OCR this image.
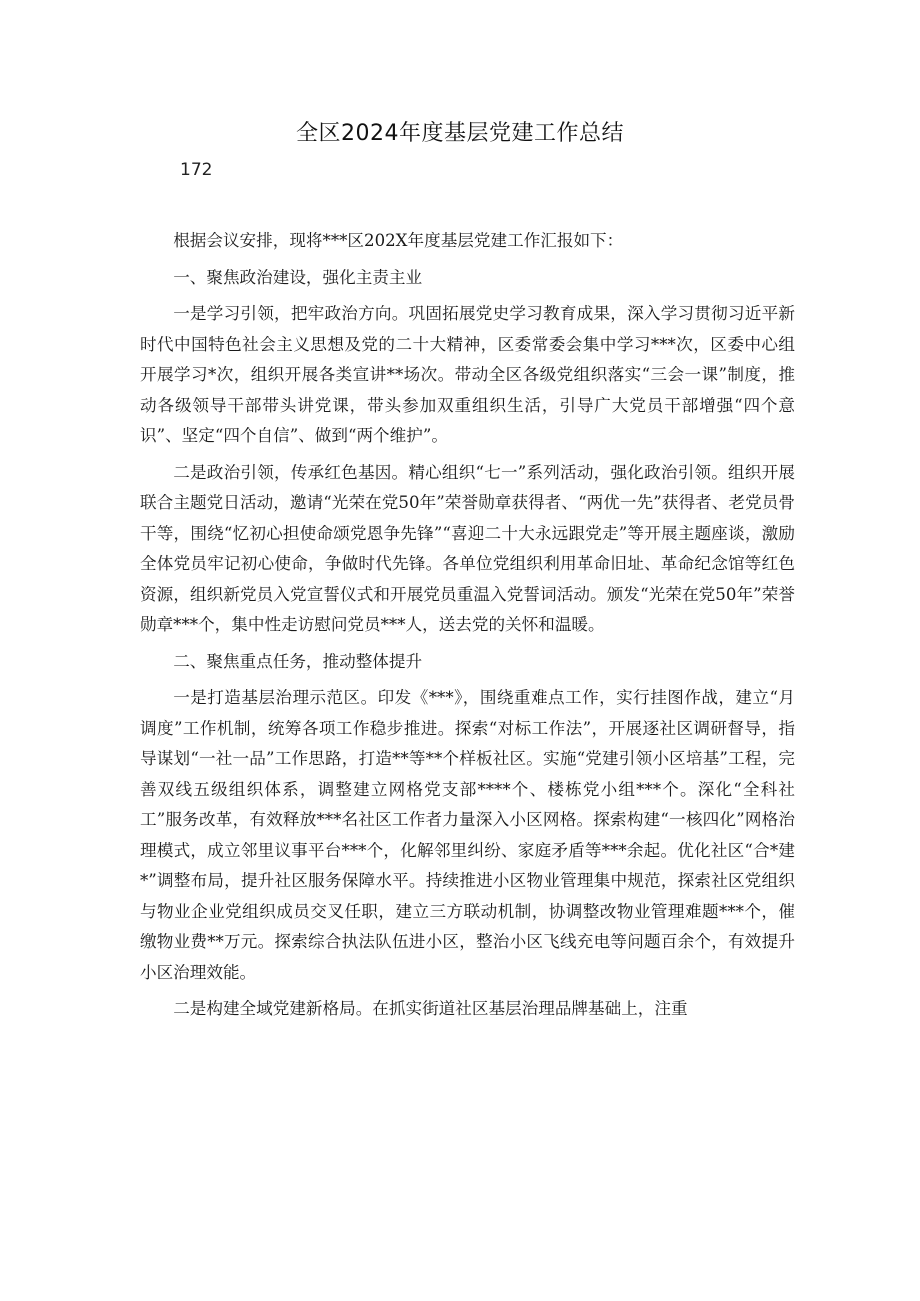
全区2024年度基层党建工作总结
172

根据会议安排，现将***区202X年度基层党建工作汇报如下：

一、聚焦政治建设，强化主责主业

一是学习引领，把牢政治方向。巩固拓展党史学习教育成果，深入学习贯彻习近平新时代中国特色社会主义思想及党的二十大精神，区委常委会集中学习***次，区委中心组开展学习*次，组织开展各类宣讲**场次。带动全区各级党组织落实“三会一课”制度，推动各级领导干部带头讲党课，带头参加双重组织生活，引导广大党员干部增强“四个意识”、坚定“四个自信”、做到“两个维护”。

二是政治引领，传承红色基因。精心组织“七一”系列活动，强化政治引领。组织开展联合主题党日活动，邀请“光荣在党50年”荣誉勋章获得者、“两优一先”获得者、老党员骨干等，围绕“忆初心担使命颂党恩争先锋”“喜迎二十大永远跟党走”等开展主题座谈，激励全体党员牢记初心使命，争做时代先锋。各单位党组织利用革命旧址、革命纪念馆等红色资源，组织新党员入党宣誓仪式和开展党员重温入党誓词活动。颁发“光荣在党50年”荣誉勋章***个，集中性走访慰问党员***人，送去党的关怀和温暖。

二、聚焦重点任务，推动整体提升

一是打造基层治理示范区。印发《***》，围绕重难点工作，实行挂图作战，建立“月调度”工作机制，统筹各项工作稳步推进。探索“对标工作法”，开展逐社区调研督导，指导谋划“一社一品”工作思路，打造**等**个样板社区。实施“党建引领小区培基”工程，完善双线五级组织体系，调整建立网格党支部****个、楼栋党小组***个。深化“全科社工”服务改革，有效释放***名社区工作者力量深入小区网格。探索构建“一核四化”网格治理模式，成立邻里议事平台***个，化解邻里纠纷、家庭矛盾等***余起。优化社区“合*建*”调整布局，提升社区服务保障水平。持续推进小区物业管理集中规范，探索社区党组织与物业企业党组织成员交叉任职，建立三方联动机制，协调整改物业管理难题***个，催缴物业费**万元。探索综合执法队伍进小区，整治小区飞线充电等问题百余个，有效提升小区治理效能。

二是构建全域党建新格局。在抓实街道社区基层治理品牌基础上，注重
